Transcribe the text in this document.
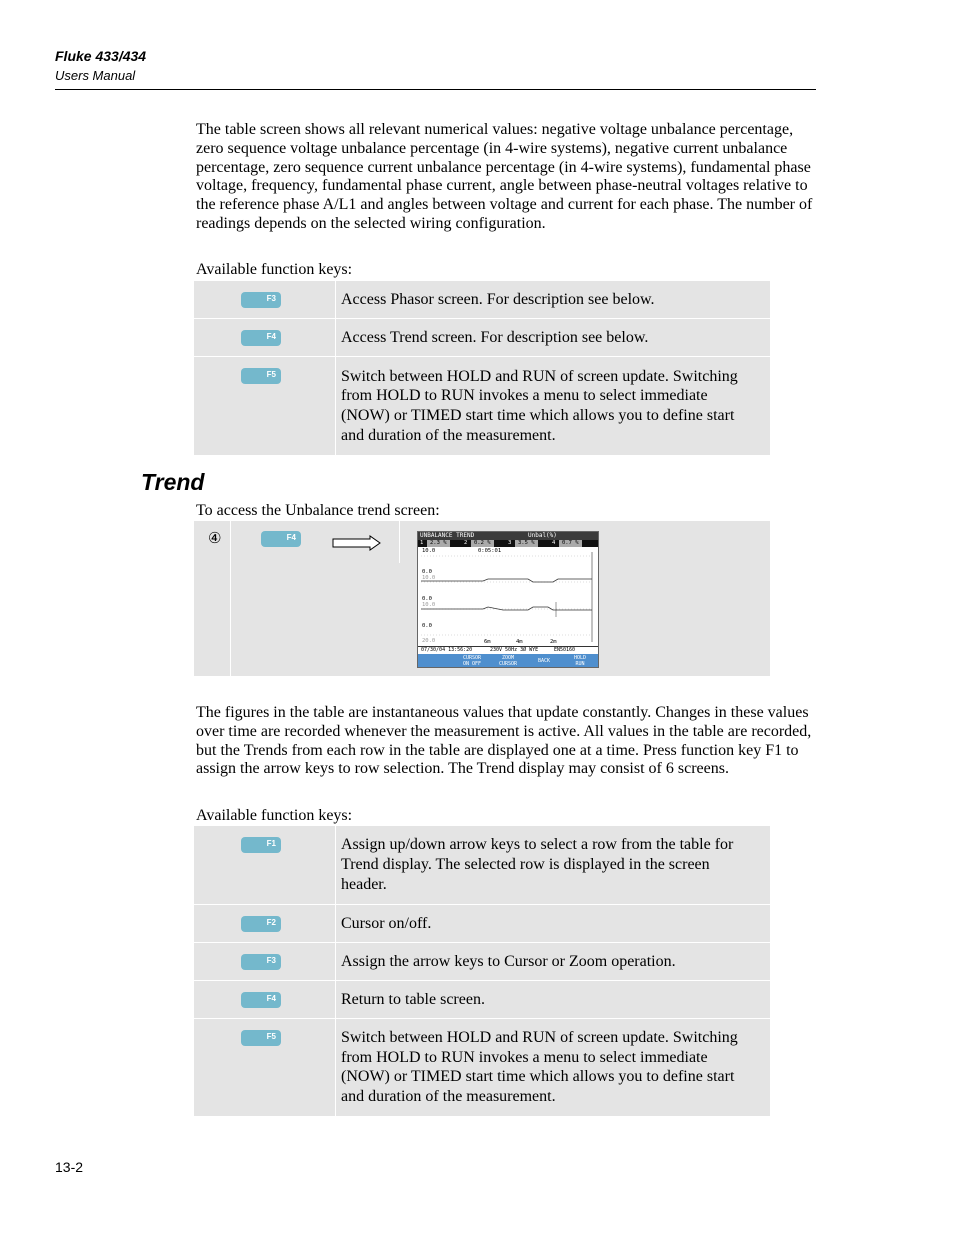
Fluke 433/434
Users Manual

The table screen shows all relevant numerical values: negative voltage unbalance percentage, zero sequence voltage unbalance percentage (in 4-wire systems), negative current unbalance percentage, zero sequence current unbalance percentage (in 4-wire systems), fundamental phase voltage, frequency, fundamental phase current, angle between phase-neutral voltages relative to the reference phase A/L1 and angles between voltage and current for each phase. The number of readings depends on the selected wiring configuration.

Available function keys:
F3	Access Phasor screen. For description see below.
F4	Access Trend screen. For description see below.
F5	Switch between HOLD and RUN of screen update. Switching from HOLD to RUN invokes a menu to select immediate (NOW) or TIMED start time which allows you to define start and duration of the measurement.
Trend
To access the Unbalance trend screen:
④	F4	UNBALANCE TREND	Unbal(%)
1	2.3 %	2	0.2 %	3	3.5 %	4	0.7 %
10.0	0:05:01
0.0
10.0
0.0
10.0
0.0
20.0	6m	4m	2m
07/30/04 13:56:20	230V 50Hz 3Ø WYE	EN50160
CURSOR
ON OFF
ZOOM
CURSOR	BACK	HOLD
RUN

The figures in the table are instantaneous values that update constantly. Changes in these values over time are recorded whenever the measurement is active. All values in the table are recorded, but the Trends from each row in the table are displayed one at a time. Press function key F1 to assign the arrow keys to row selection. The Trend display may consist of 6 screens.

Available function keys:
F1	Assign up/down arrow keys to select a row from the table for Trend display. The selected row is displayed in the screen header.
F2	Cursor on/off.
F3	Assign the arrow keys to Cursor or Zoom operation.
F4	Return to table screen.
F5	Switch between HOLD and RUN of screen update. Switching from HOLD to RUN invokes a menu to select immediate (NOW) or TIMED start time which allows you to define start and duration of the measurement.
13-2
